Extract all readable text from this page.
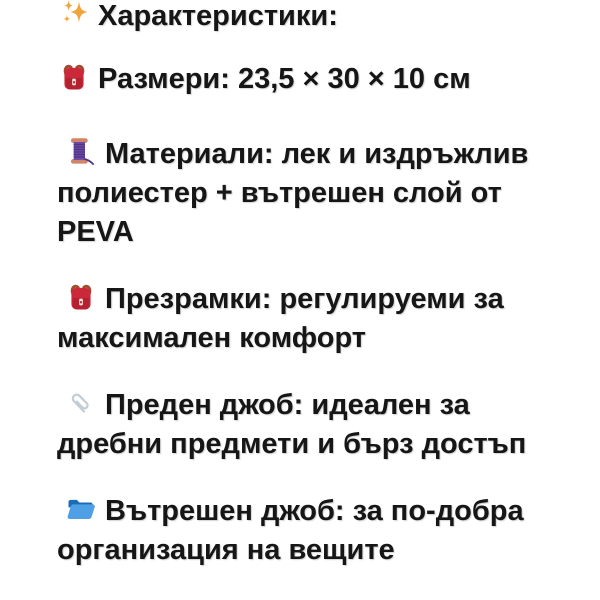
Характеристики:

Размери: 23,5 × 30 × 10 см

Материали: лек и издръжлив
полиестер + вътрешен слой от
PEVA

Презрамки: регулируеми за
максимален комфорт

Преден джоб: идеален за
дребни предмети и бърз достъп

Вътрешен джоб: за по-добра
организация на вещите
